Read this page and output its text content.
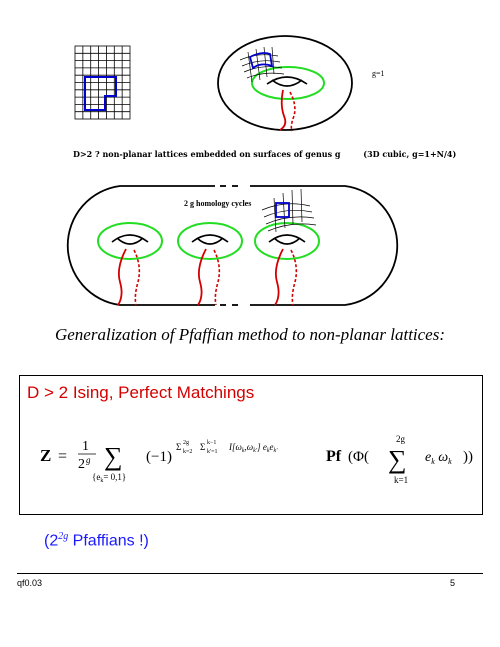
g=1
D>2 ? non-planar lattices embedded on surfaces of genus g	(3D cubic, g=1+N/4)
2 g homology cycles
Generalization of Pfaffian method to non-planar lattices:
D > 2 Ising, Perfect Matchings
Z =
1
2 g ∑
$\{e_k= 0,1\}$
(−1)
Σ 2g
k=2 Σ k−1
k'=1 $I[\omega_k,\omega_{k'}]$ $e_ke_{k'}$	Pf (Φ(
2g
∑
k=1
$e_k$ $\omega_k$ ))
($2^{2g}$ Pfaffians !)
qf0.03	5
